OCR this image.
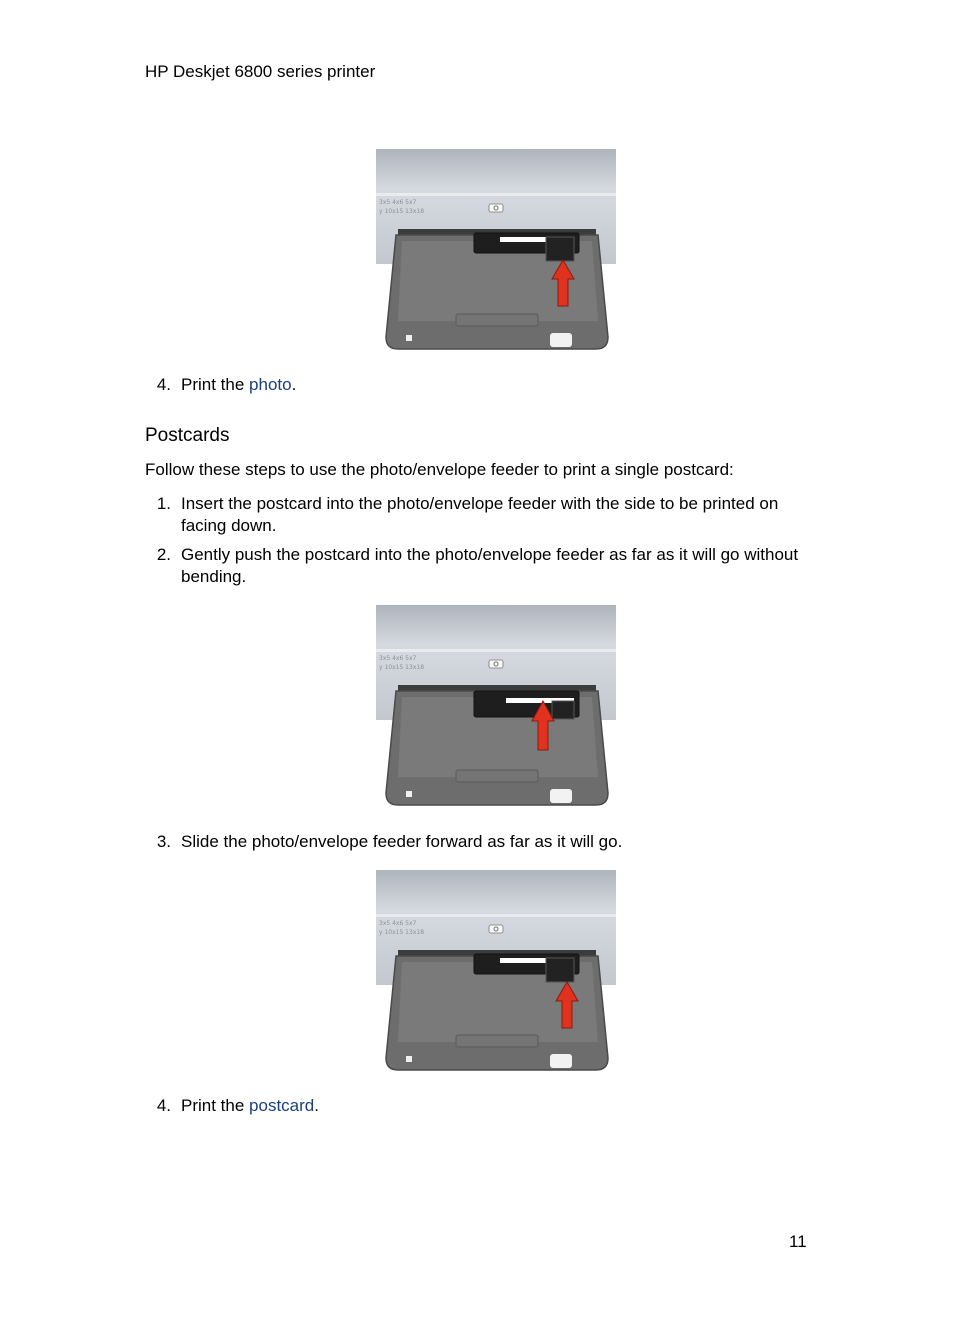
HP Deskjet 6800 series printer
3x5 4x6 5x7
y 10x15 13x18
4. Print the photo.
Postcards
Follow these steps to use the photo/envelope feeder to print a single postcard:
1. Insert the postcard into the photo/envelope feeder with the side to be printed on facing down.
2. Gently push the postcard into the photo/envelope feeder as far as it will go without bending.
3x5 4x6 5x7
y 10x15 13x18
3. Slide the photo/envelope feeder forward as far as it will go.
3x5 4x6 5x7
y 10x15 13x18
4. Print the postcard.
11
